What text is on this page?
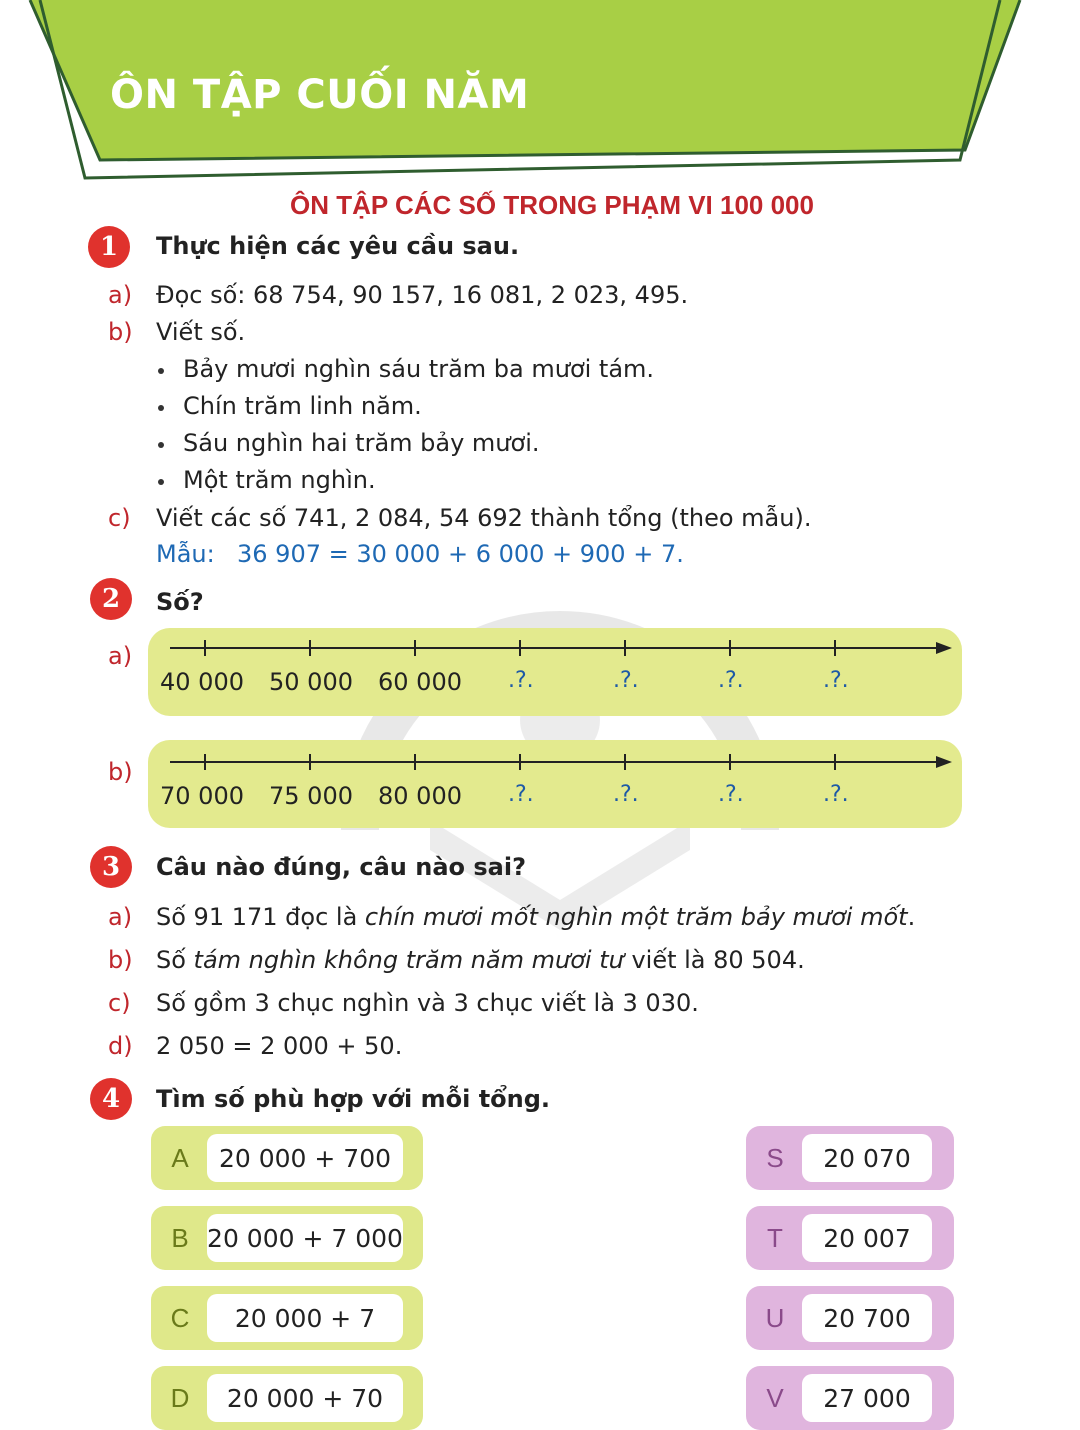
ÔN TẬP CUỐI NĂM
ÔN TẬP CÁC SỐ TRONG PHẠM VI 100 000
1	Thực hiện các yêu cầu sau.
a) Đọc số: 68 754, 90 157, 16 081, 2 023, 495.
b) Viết số.
Bảy mươi nghìn sáu trăm ba mươi tám.
Chín trăm linh năm.
Sáu nghìn hai trăm bảy mươi.
Một trăm nghìn.
c) Viết các số 741, 2 084, 54 692 thành tổng (theo mẫu).
Mẫu: 36 907 = 30 000 + 6 000 + 900 + 7.
2	Số?
a)
40 000 50 000 60 000 .?.	.?.	.?.	.?.
b)
70 000 75 000 80 000 .?.	.?.	.?.	.?.
3	Câu nào đúng, câu nào sai?
a) Số 91 171 đọc là chín mươi mốt nghìn một trăm bảy mươi mốt.
b) Số tám nghìn không trăm năm mươi tư viết là 80 504.
c) Số gồm 3 chục nghìn và 3 chục viết là 3 030.
d) 2 050 = 2 000 + 50.
4	Tìm số phù hợp với mỗi tổng.
A	20 000 + 700
B 20 000 + 7 000
C	20 000 + 7
D	20 000 + 70
S	20 070
T	20 007
U	20 700
V	27 000
